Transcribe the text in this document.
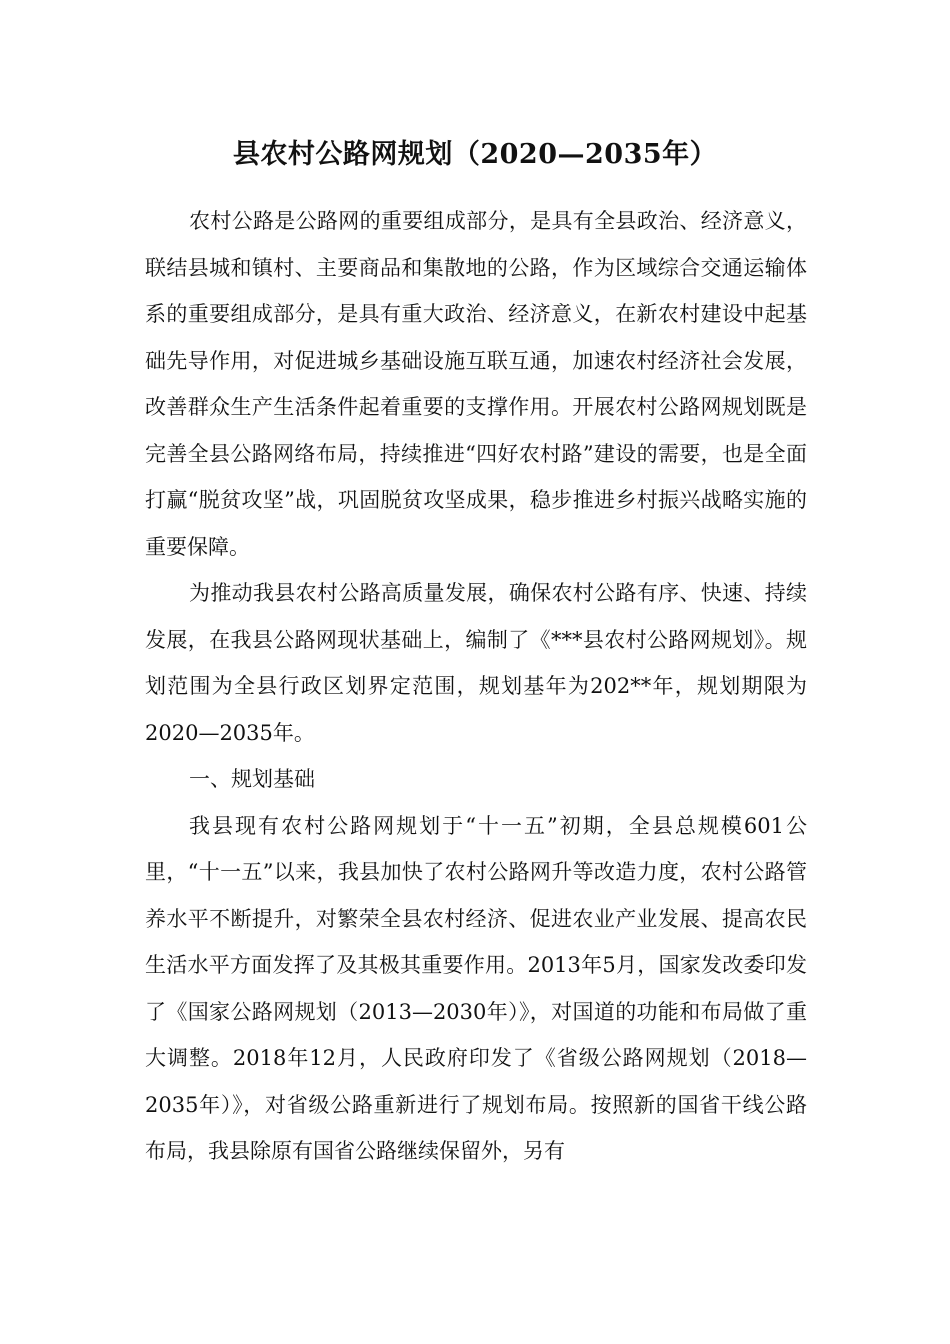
县农村公路网规划（2020—2035年）

农村公路是公路网的重要组成部分，是具有全县政治、经济意义，联结县城和镇村、主要商品和集散地的公路，作为区域综合交通运输体系的重要组成部分，是具有重大政治、经济意义，在新农村建设中起基础先导作用，对促进城乡基础设施互联互通，加速农村经济社会发展，改善群众生产生活条件起着重要的支撑作用。开展农村公路网规划既是完善全县公路网络布局，持续推进“四好农村路”建设的需要，也是全面打赢“脱贫攻坚”战，巩固脱贫攻坚成果，稳步推进乡村振兴战略实施的重要保障。

为推动我县农村公路高质量发展，确保农村公路有序、快速、持续发展，在我县公路网现状基础上，编制了《***县农村公路网规划》。规划范围为全县行政区划界定范围，规划基年为202**年，规划期限为2020—2035年。

一、规划基础

我县现有农村公路网规划于“十一五”初期，全县总规模601公里，“十一五”以来，我县加快了农村公路网升等改造力度，农村公路管养水平不断提升，对繁荣全县农村经济、促进农业产业发展、提高农民生活水平方面发挥了及其极其重要作用。2013年5月，国家发改委印发了《国家公路网规划（2013—2030年）》，对国道的功能和布局做了重大调整。2018年12月，人民政府印发了《省级公路网规划（2018—2035年）》，对省级公路重新进行了规划布局。按照新的国省干线公路布局，我县除原有国省公路继续保留外，另有
